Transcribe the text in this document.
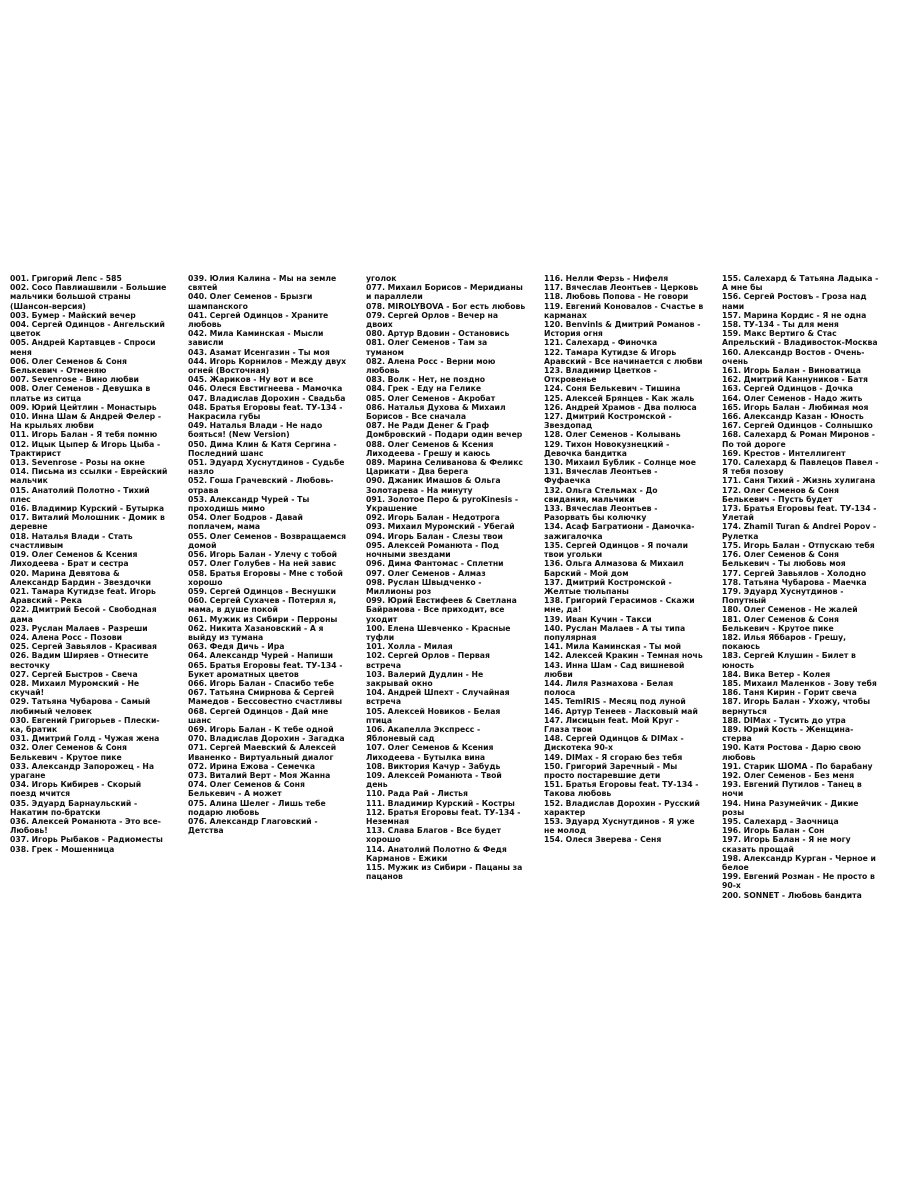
001. Григорий Лепс - 585
002. Сосо Павлиашвили - Большие мальчики большой страны (Шансон-версия)
003. Бумер - Майский вечер
004. Сергей Одинцов - Ангельский цветок
005. Андрей Картавцев - Спроси меня
006. Олег Семенов & Соня Белькевич - Отменяю
007. Sevenrose - Вино любви
008. Олег Семенов - Девушка в платье из ситца
009. Юрий Цейтлин - Монастырь
010. Инна Шам & Андрей Фелер - На крыльях любви
011. Игорь Балан - Я тебя помню
012. Ицык Цыпер & Игорь Цыба - Трактирист
013. Sevenrose - Розы на окне
014. Письма из ссылки - Еврейский мальчик
015. Анатолий Полотно - Тихий плес
016. Владимир Курский - Бутырка
017. Виталий Молошник - Домик в деревне
018. Наталья Влади - Стать счастливым
019. Олег Семенов & Ксения Лиходеева - Брат и сестра
020. Марина Девятова & Александр Бардин - Звездочки
021. Тамара Кутидзе feat. Игорь Аравский - Река
022. Дмитрий Бесой - Свободная дама
023. Руслан Малаев - Разреши
024. Алена Росс - Позови
025. Сергей Завьялов - Красивая
026. Вадим Ширяев - Отнесите весточку
027. Сергей Быстров - Свеча
028. Михаил Муромский - Не скучай!
029. Татьяна Чубарова - Самый любимый человек
030. Евгений Григорьев - Плески-ка, братик
031. Дмитрий Голд - Чужая жена
032. Олег Семенов & Соня Белькевич - Крутое пике
033. Александр Запорожец - На урагане
034. Игорь Кибирев - Скорый поезд мчится
035. Эдуард Барнаульский - Накатим по-братски
036. Алексей Романюта - Это все-Любовь!
037. Игорь Рыбаков - Радиоместы
038. Грек - Мошенница
039. Юлия Калина - Мы на земле святей
040. Олег Семенов - Брызги шампанского
041. Сергей Одинцов - Храните любовь
042. Мила Каминская - Мысли зависли
043. Азамат Исенгазин - Ты моя
044. Игорь Корнилов - Между двух огней (Восточная)
045. Жариков - Ну вот и все
046. Олеся Евстигнеева - Мамочка
047. Владислав Дорохин - Свадьба
048. Братья Егоровы feat. ТУ-134 - Накрасила губы
049. Наталья Влади - Не надо бояться! (New Version)
050. Дима Клин & Катя Сергина - Последний шанс
051. Эдуард Хуснутдинов - Судьбе назло
052. Гоша Грачевский - Любовь-отрава
053. Александр Чурей - Ты проходишь мимо
054. Олег Бодров - Давай поплачем, мама
055. Олег Семенов - Возвращаемся домой
056. Игорь Балан - Улечу с тобой
057. Олег Голубев - На ней завис
058. Братья Егоровы - Мне с тобой хорошо
059. Сергей Одинцов - Веснушки
060. Сергей Сухачев - Потерял я, мама, в душе покой
061. Мужик из Сибири - Перроны
062. Никита Хазановский - А я выйду из тумана
063. Федя Дичь - Ира
064. Александр Чурей - Напиши
065. Братья Егоровы feat. ТУ-134 - Букет ароматных цветов
066. Игорь Балан - Спасибо тебе
067. Татьяна Смирнова & Сергей Мамедов - Бессовестно счастливы
068. Сергей Одинцов - Дай мне шанс
069. Игорь Балан - К тебе одной
070. Владислав Дорохин - Загадка
071. Сергей Маевский & Алексей Иваненко - Виртуальный диалог
072. Ирина Ежова - Семечка
073. Виталий Верт - Моя Жанна
074. Олег Семенов & Соня Белькевич - А может
075. Алина Шелег - Лишь тебе подарю любовь
076. Александр Глаговский - Детства
уголок
077. Михаил Борисов - Меридианы и параллели
078. MIROLYBOVA - Бог есть любовь
079. Сергей Орлов - Вечер на двоих
080. Артур Вдовин - Остановись
081. Олег Семенов - Там за туманом
082. Алена Росс - Верни мою любовь
083. Волк - Нет, не поздно
084. Грек - Еду на Гелике
085. Олег Семенов - Акробат
086. Наталья Духова & Михаил Борисов - Все сначала
087. Не Ради Денег & Граф Домбровский - Подари один вечер
088. Олег Семенов & Ксения Лиходеева - Грешу и каюсь
089. Марина Селиванова & Феликс Царикати - Два берега
090. Джаник Имашов & Ольга Золотарева - На минуту
091. Золотое Перо & pyroKinesis - Украшение
092. Игорь Балан - Недотрога
093. Михаил Муромский - Убегай
094. Игорь Балан - Слезы твои
095. Алексей Романюта - Под ночными звездами
096. Дима Фантомас - Сплетни
097. Олег Семенов - Алмаз
098. Руслан Швыдченко - Миллионы роз
099. Юрий Евстифеев & Светлана Байрамова - Все приходит, все уходит
100. Елена Шевченко - Красные туфли
101. Холла - Милая
102. Сергей Орлов - Первая встреча
103. Валерий Дудлин - Не закрывай окно
104. Андрей Шпехт - Случайная встреча
105. Алексей Новиков - Белая птица
106. Акапелла Экспресс - Яблоневый сад
107. Олег Семенов & Ксения Лиходеева - Бутылка вина
108. Виктория Качур - Забудь
109. Алексей Романюта - Твой день
110. Рада Рай - Листья
111. Владимир Курский - Костры
112. Братья Егоровы feat. ТУ-134 - Неземная
113. Слава Благов - Все будет хорошо
114. Анатолий Полотно & Федя Карманов - Ежики
115. Мужик из Сибири - Пацаны за пацанов
116. Нелли Ферзь - Нифеля
117. Вячеслав Леонтьев - Церковь
118. Любовь Попова - Не говори
119. Евгений Коновалов - Счастье в карманах
120. Benvinls & Дмитрий Романов - История огня
121. Салехард - Финочка
122. Тамара Кутидзе & Игорь Аравский - Все начинается с любви
123. Владимир Цветков - Откровенье
124. Соня Белькевич - Тишина
125. Алексей Брянцев - Как жаль
126. Андрей Храмов - Два полюса
127. Дмитрий Костромской - Звездопад
128. Олег Семенов - Колывань
129. Тихон Новокузнецкий - Девочка бандитка
130. Михаил Бублик - Солнце мое
131. Вячеслав Леонтьев - Фуфаечка
132. Ольга Стельмах - До свидания, мальчики
133. Вячеслав Леонтьев - Разорвать бы колючку
134. Асаф Багратиони - Дамочка-зажигалочка
135. Сергей Одинцов - Я почали твои угольки
136. Ольга Алмазова & Михаил Барский - Мой дом
137. Дмитрий Костромской - Желтые тюльпаны
138. Григорий Герасимов - Скажи мне, да!
139. Иван Кучин - Такси
140. Руслан Малаев - А ты типа популярная
141. Мила Каминская - Ты мой
142. Алексей Кракин - Темная ночь
143. Инна Шам - Сад вишневой любви
144. Лиля Размахова - Белая полоса
145. TemIRIS - Месяц под луной
146. Артур Тенеев - Ласковый май
147. Лисицын feat. Мой Круг - Глаза твои
148. Сергей Одинцов & DIMax - Дискотека 90-х
149. DIMax - Я сгораю без тебя
150. Григорий Заречный - Мы просто постаревшие дети
151. Братья Егоровы feat. ТУ-134 - Такова любовь
152. Владислав Дорохин - Русский характер
153. Эдуард Хуснутдинов - Я уже не молод
154. Олеся Зверева - Сеня
155. Салехард & Татьяна Ладыка - А мне бы
156. Сергей Ростовъ - Гроза над нами
157. Марина Кордис - Я не одна
158. ТУ-134 - Ты для меня
159. Макс Вертиго & Стас Апрельский - Владивосток-Москва
160. Александр Востов - Очень-очень
161. Игорь Балан - Виноватица
162. Дмитрий Каннуников - Батя
163. Сергей Одинцов - Дочка
164. Олег Семенов - Надо жить
165. Игорь Балан - Любимая моя
166. Александр Казан - Юность
167. Сергей Одинцов - Солнышко
168. Салехард & Роман Миронов - По той дороге
169. Крестов - Интеллигент
170. Салехард & Павлецов Павел - Я тебя позову
171. Саня Тихий - Жизнь хулигана
172. Олег Семенов & Соня Белькевич - Пусть будет
173. Братья Егоровы feat. ТУ-134 - Улетай
174. Zhamil Turan & Andrei Popov - Рулетка
175. Игорь Балан - Отпускаю тебя
176. Олег Семенов & Соня Белькевич - Ты любовь моя
177. Сергей Завьялов - Холодно
178. Татьяна Чубарова - Маечка
179. Эдуард Хуснутдинов - Попутный
180. Олег Семенов - Не жалей
181. Олег Семенов & Соня Белькевич - Крутое пике
182. Илья Яббаров - Грешу, покаюсь
183. Сергей Клушин - Билет в юность
184. Вика Ветер - Колея
185. Михаил Маленков - Зову тебя
186. Таня Кирин - Горит свеча
187. Игорь Балан - Ухожу, чтобы вернуться
188. DIMax - Тусить до утра
189. Юрий Кость - Женщина-стерва
190. Катя Ростова - Дарю свою любовь
191. Старик ШОМА - По барабану
192. Олег Семенов - Без меня
193. Евгений Путилов - Танец в ночи
194. Нина Разумейчик - Дикие розы
195. Салехард - Заочница
196. Игорь Балан - Сон
197. Игорь Балан - Я не могу сказать прощай
198. Александр Курган - Черное и белое
199. Евгений Розман - Не просто в 90-х
200. SONNET - Любовь бандита
